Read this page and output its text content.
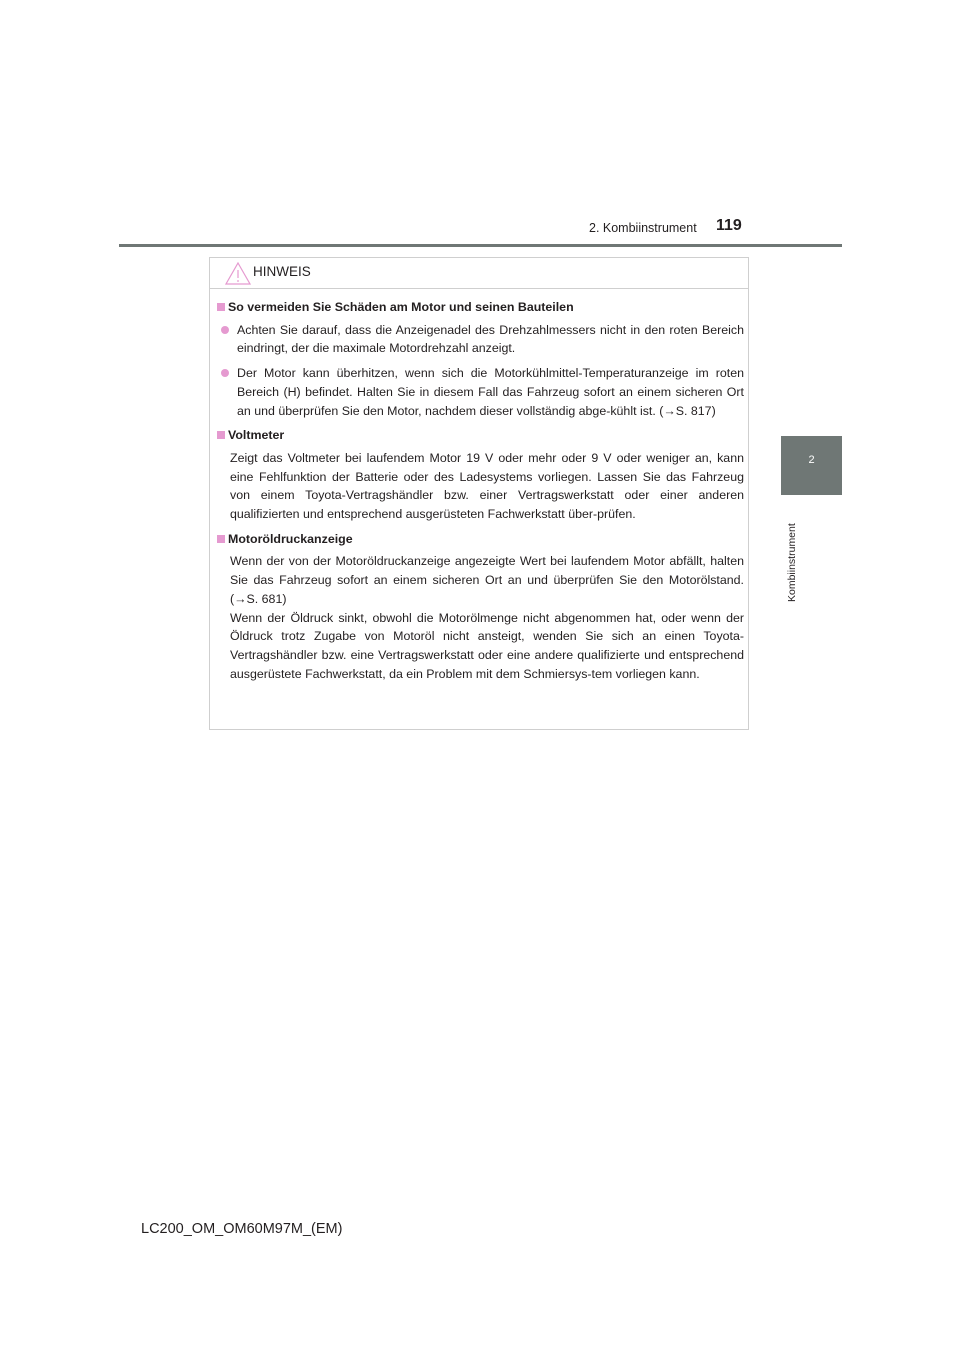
2. Kombiinstrument 119
2
Kombiinstrument
HINWEIS
So vermeiden Sie Schäden am Motor und seinen Bauteilen
Achten Sie darauf, dass die Anzeigenadel des Drehzahlmessers nicht in den roten Bereich eindringt, der die maximale Motordrehzahl anzeigt.
Der Motor kann überhitzen, wenn sich die Motorkühlmittel-Temperaturanzeige im roten Bereich (H) befindet. Halten Sie in diesem Fall das Fahrzeug sofort an einem sicheren Ort an und überprüfen Sie den Motor, nachdem dieser vollständig abge-kühlt ist. (→S. 817)
Voltmeter
Zeigt das Voltmeter bei laufendem Motor 19 V oder mehr oder 9 V oder weniger an, kann eine Fehlfunktion der Batterie oder des Ladesystems vorliegen. Lassen Sie das Fahrzeug von einem Toyota-Vertragshändler bzw. einer Vertragswerkstatt oder einer anderen qualifizierten und entsprechend ausgerüsteten Fachwerkstatt über-prüfen.
Motoröldruckanzeige
Wenn der von der Motoröldruckanzeige angezeigte Wert bei laufendem Motor abfällt, halten Sie das Fahrzeug sofort an einem sicheren Ort an und überprüfen Sie den Motorölstand. (→S. 681)
Wenn der Öldruck sinkt, obwohl die Motorölmenge nicht abgenommen hat, oder wenn der Öldruck trotz Zugabe von Motoröl nicht ansteigt, wenden Sie sich an einen Toyota-Vertragshändler bzw. eine Vertragswerkstatt oder eine andere qualifizierte und entsprechend ausgerüstete Fachwerkstatt, da ein Problem mit dem Schmiersys-tem vorliegen kann.
LC200_OM_OM60M97M_(EM)
